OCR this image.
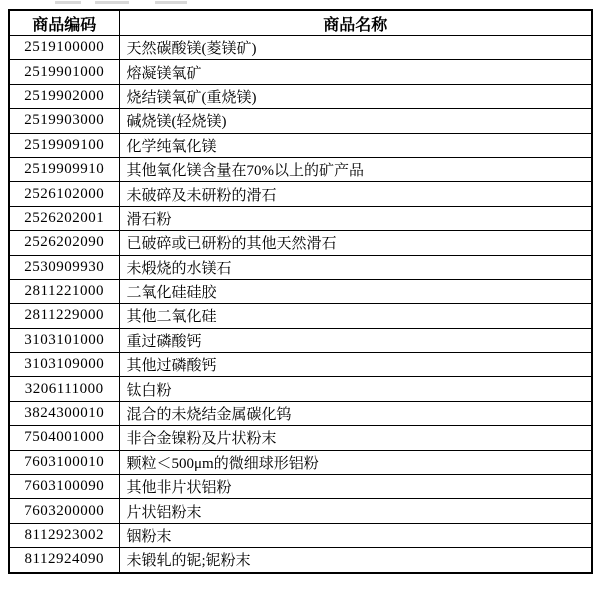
商品编码	商品名称
2519100000	天然碳酸镁(菱镁矿)
2519901000	熔凝镁氧矿
2519902000	烧结镁氧矿(重烧镁)
2519903000	碱烧镁(轻烧镁)
2519909100	化学纯氧化镁
2519909910	其他氧化镁含量在70%以上的矿产品
2526102000	未破碎及未研粉的滑石
2526202001	滑石粉
2526202090	已破碎或已研粉的其他天然滑石
2530909930	未煅烧的水镁石
2811221000	二氧化硅硅胶
2811229000	其他二氧化硅
3103101000	重过磷酸钙
3103109000	其他过磷酸钙
3206111000	钛白粉
3824300010	混合的未烧结金属碳化钨
7504001000	非合金镍粉及片状粉末
7603100010	颗粒＜500μm的微细球形铝粉
7603100090	其他非片状铝粉
7603200000	片状铝粉末
8112923002	铟粉末
8112924090	未锻轧的铌;铌粉末
